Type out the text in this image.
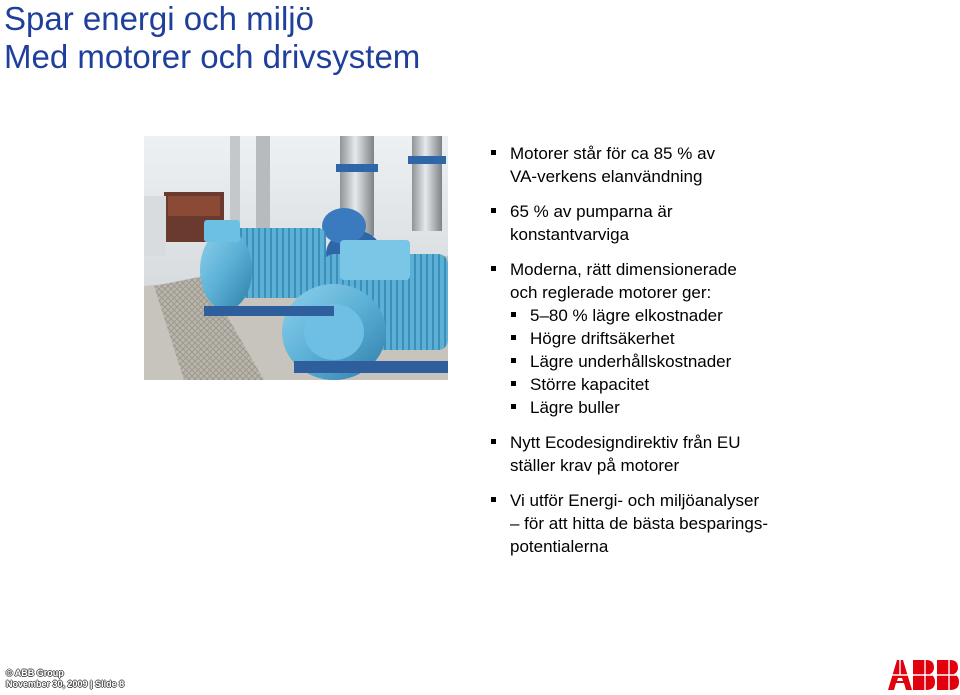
Spar energi och miljö
Med motorer och drivsystem
Motorer står för ca 85 % av
VA-verkens elanvändning
65 % av pumparna är
konstantvarviga
Moderna, rätt dimensionerade
och reglerade motorer ger:
5–80 % lägre elkostnader
Högre driftsäkerhet
Lägre underhållskostnader
Större kapacitet
Lägre buller
Nytt Ecodesigndirektiv från EU
ställer krav på motorer
Vi utför Energi- och miljöanalyser
– för att hitta de bästa besparings-
potentialerna
© ABB Group
November 30, 2009 | Slide 8
